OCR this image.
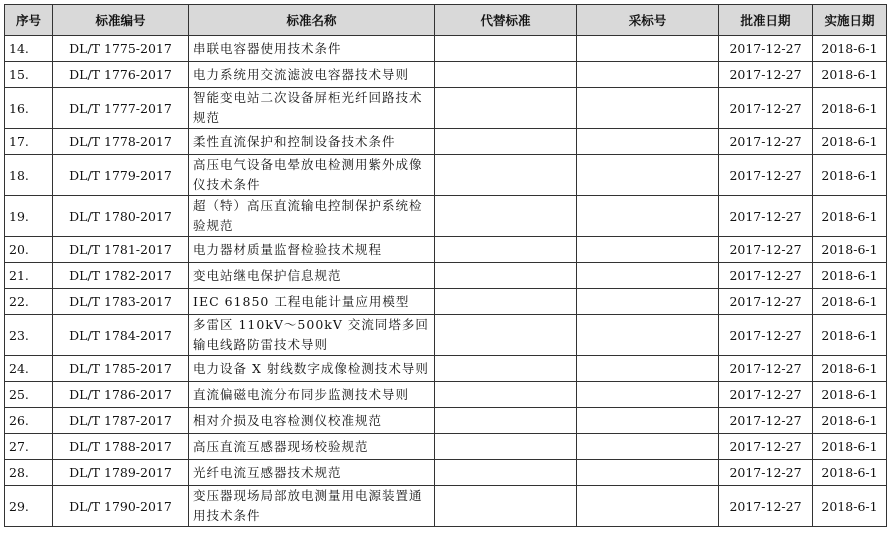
序号	标准编号	标准名称	代替标准	采标号	批准日期	实施日期
14.	DL/T 1775-2017	串联电容器使用技术条件			2017-12-27	2018-6-1
15.	DL/T 1776-2017	电力系统用交流滤波电容器技术导则			2017-12-27	2018-6-1
16.	DL/T 1777-2017	智能变电站二次设备屏柜光纤回路技术规范			2017-12-27	2018-6-1
17.	DL/T 1778-2017	柔性直流保护和控制设备技术条件			2017-12-27	2018-6-1
18.	DL/T 1779-2017	高压电气设备电晕放电检测用紫外成像仪技术条件			2017-12-27	2018-6-1
19.	DL/T 1780-2017	超（特）高压直流输电控制保护系统检验规范			2017-12-27	2018-6-1
20.	DL/T 1781-2017	电力器材质量监督检验技术规程			2017-12-27	2018-6-1
21.	DL/T 1782-2017	变电站继电保护信息规范			2017-12-27	2018-6-1
22.	DL/T 1783-2017	IEC 61850 工程电能计量应用模型			2017-12-27	2018-6-1
23.	DL/T 1784-2017	多雷区 110kV～500kV 交流同塔多回输电线路防雷技术导则			2017-12-27	2018-6-1
24.	DL/T 1785-2017	电力设备 X 射线数字成像检测技术导则			2017-12-27	2018-6-1
25.	DL/T 1786-2017	直流偏磁电流分布同步监测技术导则			2017-12-27	2018-6-1
26.	DL/T 1787-2017	相对介损及电容检测仪校准规范			2017-12-27	2018-6-1
27.	DL/T 1788-2017	高压直流互感器现场校验规范			2017-12-27	2018-6-1
28.	DL/T 1789-2017	光纤电流互感器技术规范			2017-12-27	2018-6-1
29.	DL/T 1790-2017	变压器现场局部放电测量用电源装置通用技术条件			2017-12-27	2018-6-1
